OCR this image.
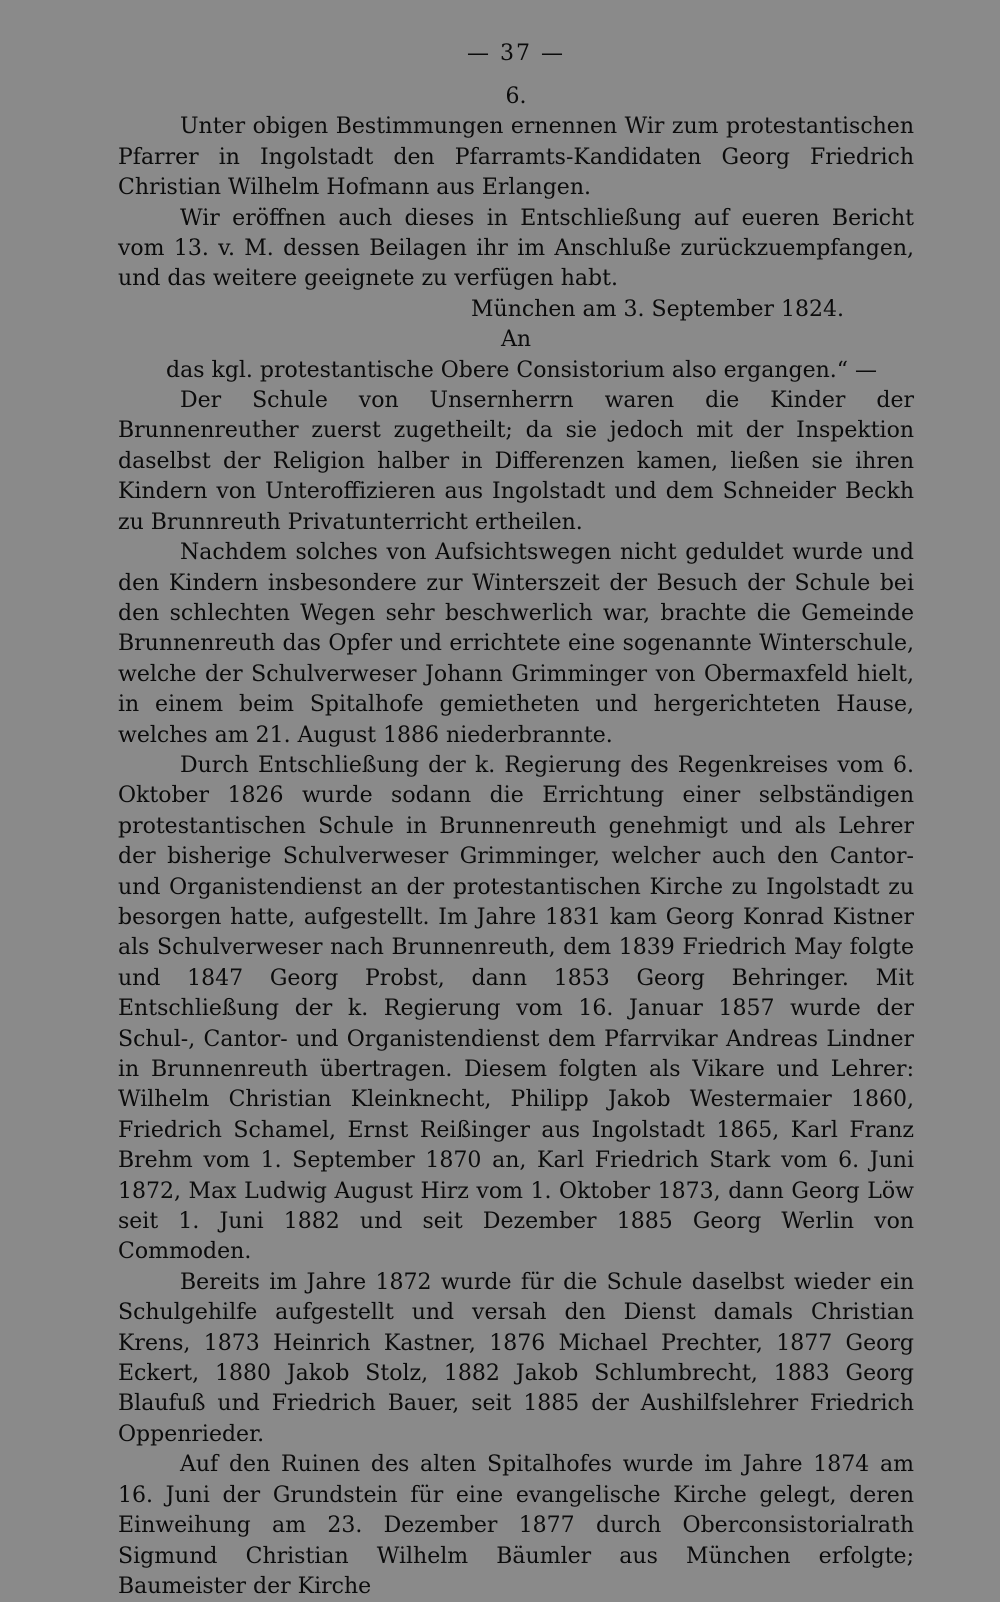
— 37 —
6.

Unter obigen Bestimmungen ernennen Wir zum protestantischen Pfarrer in Ingolstadt den Pfarramts-Kandidaten Georg Friedrich Christian Wilhelm Hofmann aus Erlangen.

Wir eröffnen auch dieses in Entschließung auf eueren Bericht vom 13. v. M. dessen Beilagen ihr im Anschluße zurückzuempfangen, und das weitere geeignete zu verfügen habt.

München am 3. September 1824.

An

das kgl. protestantische Obere Consistorium also ergangen.“ —

Der Schule von Unsernherrn waren die Kinder der Brunnenreuther zuerst zugetheilt; da sie jedoch mit der Inspektion daselbst der Religion halber in Differenzen kamen, ließen sie ihren Kindern von Unteroffizieren aus Ingolstadt und dem Schneider Beckh zu Brunnreuth Privatunterricht ertheilen.

Nachdem solches von Aufsichtswegen nicht geduldet wurde und den Kindern insbesondere zur Winterszeit der Besuch der Schule bei den schlechten Wegen sehr beschwerlich war, brachte die Gemeinde Brunnenreuth das Opfer und errichtete eine sogenannte Winterschule, welche der Schulverweser Johann Grimminger von Obermaxfeld hielt, in einem beim Spitalhofe gemietheten und hergerichteten Hause, welches am 21. August 1886 niederbrannte.

Durch Entschließung der k. Regierung des Regenkreises vom 6. Oktober 1826 wurde sodann die Errichtung einer selbständigen protestantischen Schule in Brunnenreuth genehmigt und als Lehrer der bisherige Schulverweser Grimminger, welcher auch den Cantor- und Organistendienst an der protestantischen Kirche zu Ingolstadt zu besorgen hatte, aufgestellt. Im Jahre 1831 kam Georg Konrad Kistner als Schulverweser nach Brunnenreuth, dem 1839 Friedrich May folgte und 1847 Georg Probst, dann 1853 Georg Behringer. Mit Entschließung der k. Regierung vom 16. Januar 1857 wurde der Schul-, Cantor- und Organistendienst dem Pfarrvikar Andreas Lindner in Brunnenreuth übertragen. Diesem folgten als Vikare und Lehrer: Wilhelm Christian Kleinknecht, Philipp Jakob Westermaier 1860, Friedrich Schamel, Ernst Reißinger aus Ingolstadt 1865, Karl Franz Brehm vom 1. September 1870 an, Karl Friedrich Stark vom 6. Juni 1872, Max Ludwig August Hirz vom 1. Oktober 1873, dann Georg Löw seit 1. Juni 1882 und seit Dezember 1885 Georg Werlin von Commoden.

Bereits im Jahre 1872 wurde für die Schule daselbst wieder ein Schulgehilfe aufgestellt und versah den Dienst damals Christian Krens, 1873 Heinrich Kastner, 1876 Michael Prechter, 1877 Georg Eckert, 1880 Jakob Stolz, 1882 Jakob Schlumbrecht, 1883 Georg Blaufuß und Friedrich Bauer, seit 1885 der Aushilfslehrer Friedrich Oppenrieder.

Auf den Ruinen des alten Spitalhofes wurde im Jahre 1874 am 16. Juni der Grundstein für eine evangelische Kirche gelegt, deren Einweihung am 23. Dezember 1877 durch Oberconsistorialrath Sigmund Christian Wilhelm Bäumler aus München erfolgte; Baumeister der Kirche
